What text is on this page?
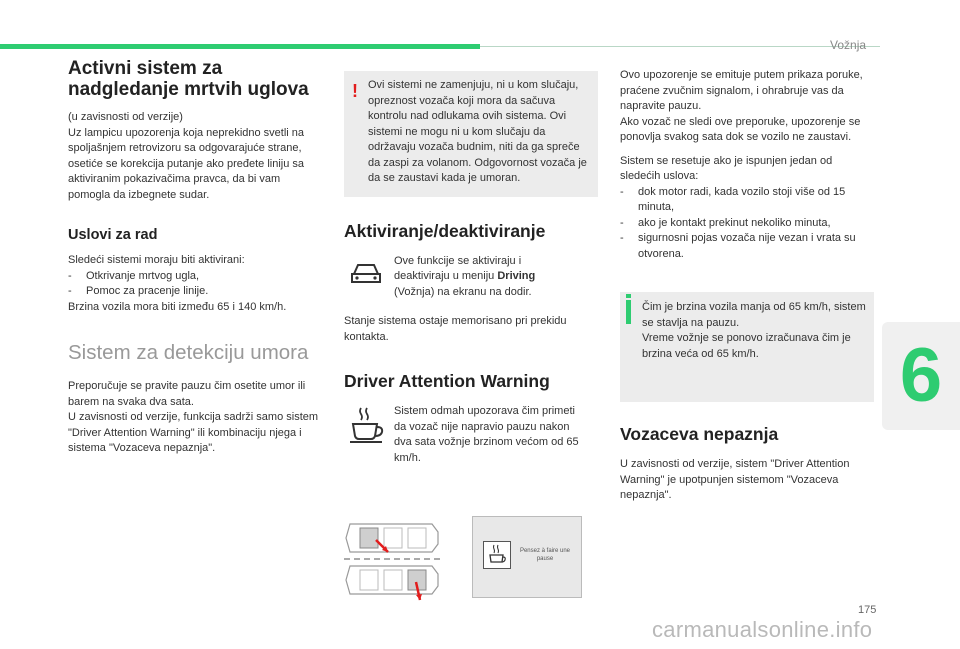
Vožnja
6
175
carmanualsonline.info
Activni sistem za
nadgledanje mrtvih uglova

(u zavisnosti od verzije)

Uz lampicu upozorenja koja neprekidno svetli na spoljašnjem retrovizoru sa odgovarajuće strane, osetiće se korekcija putanje ako pređete liniju sa aktiviranim pokazivačima pravca, da bi vam pomogla da izbegnete sudar.

Uslovi za rad

Sledeći sistemi moraju biti aktivirani:

-	Otkrivanje mrtvog ugla,

-	Pomoc za pracenje linije.

Brzina vozila mora biti između 65 i 140 km/h.

Sistem za detekciju umora

Preporučuje se pravite pauzu čim osetite umor ili barem na svaka dva sata.

U zavisnosti od verzije, funkcija sadrži samo sistem "Driver Attention Warning" ili kombinaciju njega i sistema "Vozaceva nepaznja".

! Ovi sistemi ne zamenjuju, ni u kom slučaju, opreznost vozača koji mora da sačuva kontrolu nad odlukama ovih sistema. Ovi sistemi ne mogu ni u kom slučaju da održavaju vozača budnim, niti da ga spreče da zaspi za volanom. Odgovornost vozača je da se zaustavi kada je umoran.

Aktiviranje/deaktiviranje

Ove funkcije se aktiviraju i deaktiviraju u meniju Driving (Vožnja) na ekranu na dodir.

Stanje sistema ostaje memorisano pri prekidu kontakta.

Driver Attention Warning

Sistem odmah upozorava čim primeti da vozač nije napravio pauzu nakon dva sata vožnje brzinom većom od 65 km/h.

Pensez à faire une
pause

Ovo upozorenje se emituje putem prikaza poruke, praćene zvučnim signalom, i ohrabruje vas da napravite pauzu.

Ako vozač ne sledi ove preporuke, upozorenje se ponovlja svakog sata dok se vozilo ne zaustavi.

Sistem se resetuje ako je ispunjen jedan od sledećih uslova:

-	dok motor radi, kada vozilo stoji više od 15 minuta,

-	ako je kontakt prekinut nekoliko minuta,

-	sigurnosni pojas vozača nije vezan i vrata su otvorena.

Čim je brzina vozila manja od 65 km/h, sistem se stavlja na pauzu.

Vreme vožnje se ponovo izračunava čim je brzina veća od 65 km/h.

Vozaceva nepaznja

U zavisnosti od verzije, sistem "Driver Attention Warning" je upotpunjen sistemom "Vozaceva nepaznja".
